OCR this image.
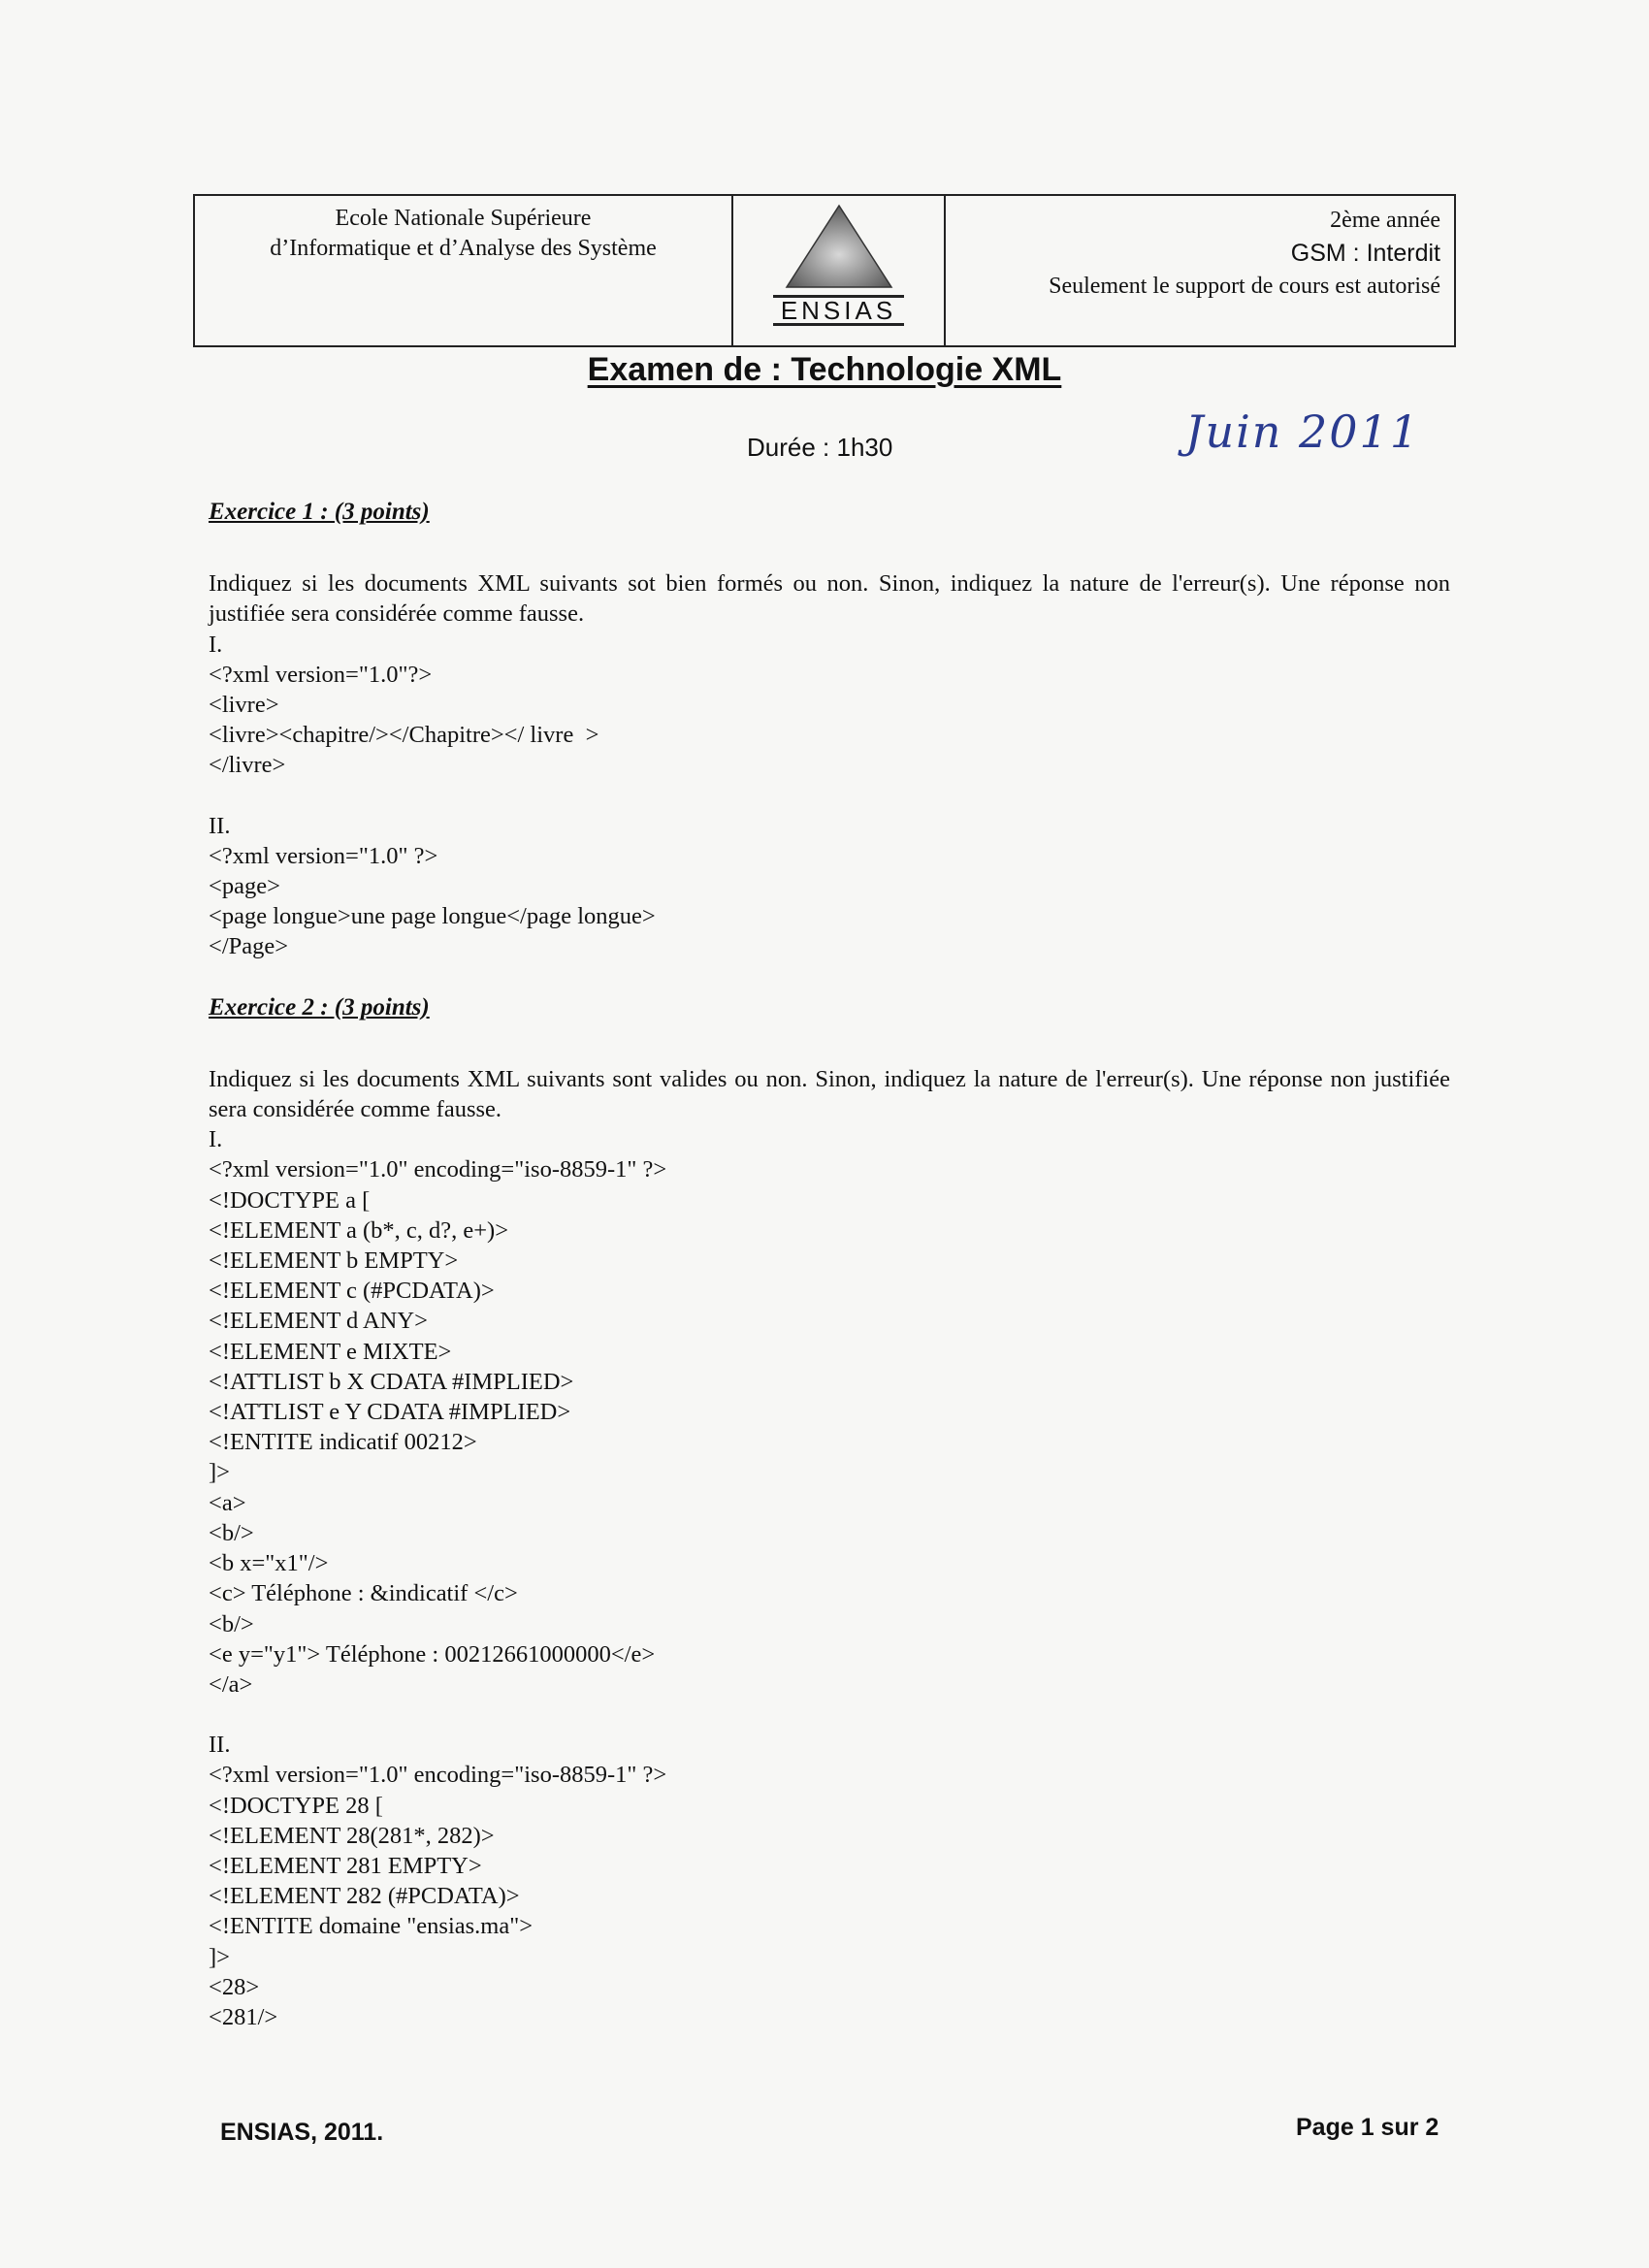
Ecole Nationale Supérieure
d’Informatique et d’Analyse des Système
ENSIAS
2ème année
GSM : Interdit
Seulement le support de cours est autorisé
Examen de : Technologie XML
Durée : 1h30	Juin 2011
Exercice 1 : (3 points)
Indiquez si les documents XML suivants sot bien formés ou non. Sinon, indiquez la nature de l'erreur(s). Une réponse non justifiée sera considérée comme fausse.
I.
<?xml version="1.0"?>
<livre>
<livre><chapitre/></Chapitre></ livre  >
</livre>
II.
<?xml version="1.0" ?>
<page>
<page longue>une page longue</page longue>
</Page>
Exercice 2 : (3 points)
Indiquez si les documents XML suivants sont valides ou non. Sinon, indiquez la nature de l'erreur(s). Une réponse non justifiée sera considérée comme fausse.
I.
<?xml version="1.0" encoding="iso-8859-1" ?>
<!DOCTYPE a [
<!ELEMENT a (b*, c, d?, e+)>
<!ELEMENT b EMPTY>
<!ELEMENT c (#PCDATA)>
<!ELEMENT d ANY>
<!ELEMENT e MIXTE>
<!ATTLIST b X CDATA #IMPLIED>
<!ATTLIST e Y CDATA #IMPLIED>
<!ENTITE indicatif 00212>
]>
<a>
<b/>
<b x="x1"/>
<c> Téléphone : &indicatif </c>
<b/>
<e y="y1"> Téléphone : 00212661000000</e>
</a>
II.
<?xml version="1.0" encoding="iso-8859-1" ?>
<!DOCTYPE 28 [
<!ELEMENT 28(281*, 282)>
<!ELEMENT 281 EMPTY>
<!ELEMENT 282 (#PCDATA)>
<!ENTITE domaine "ensias.ma">
]>
<28>
<281/>
ENSIAS, 2011.	Page 1 sur 2
